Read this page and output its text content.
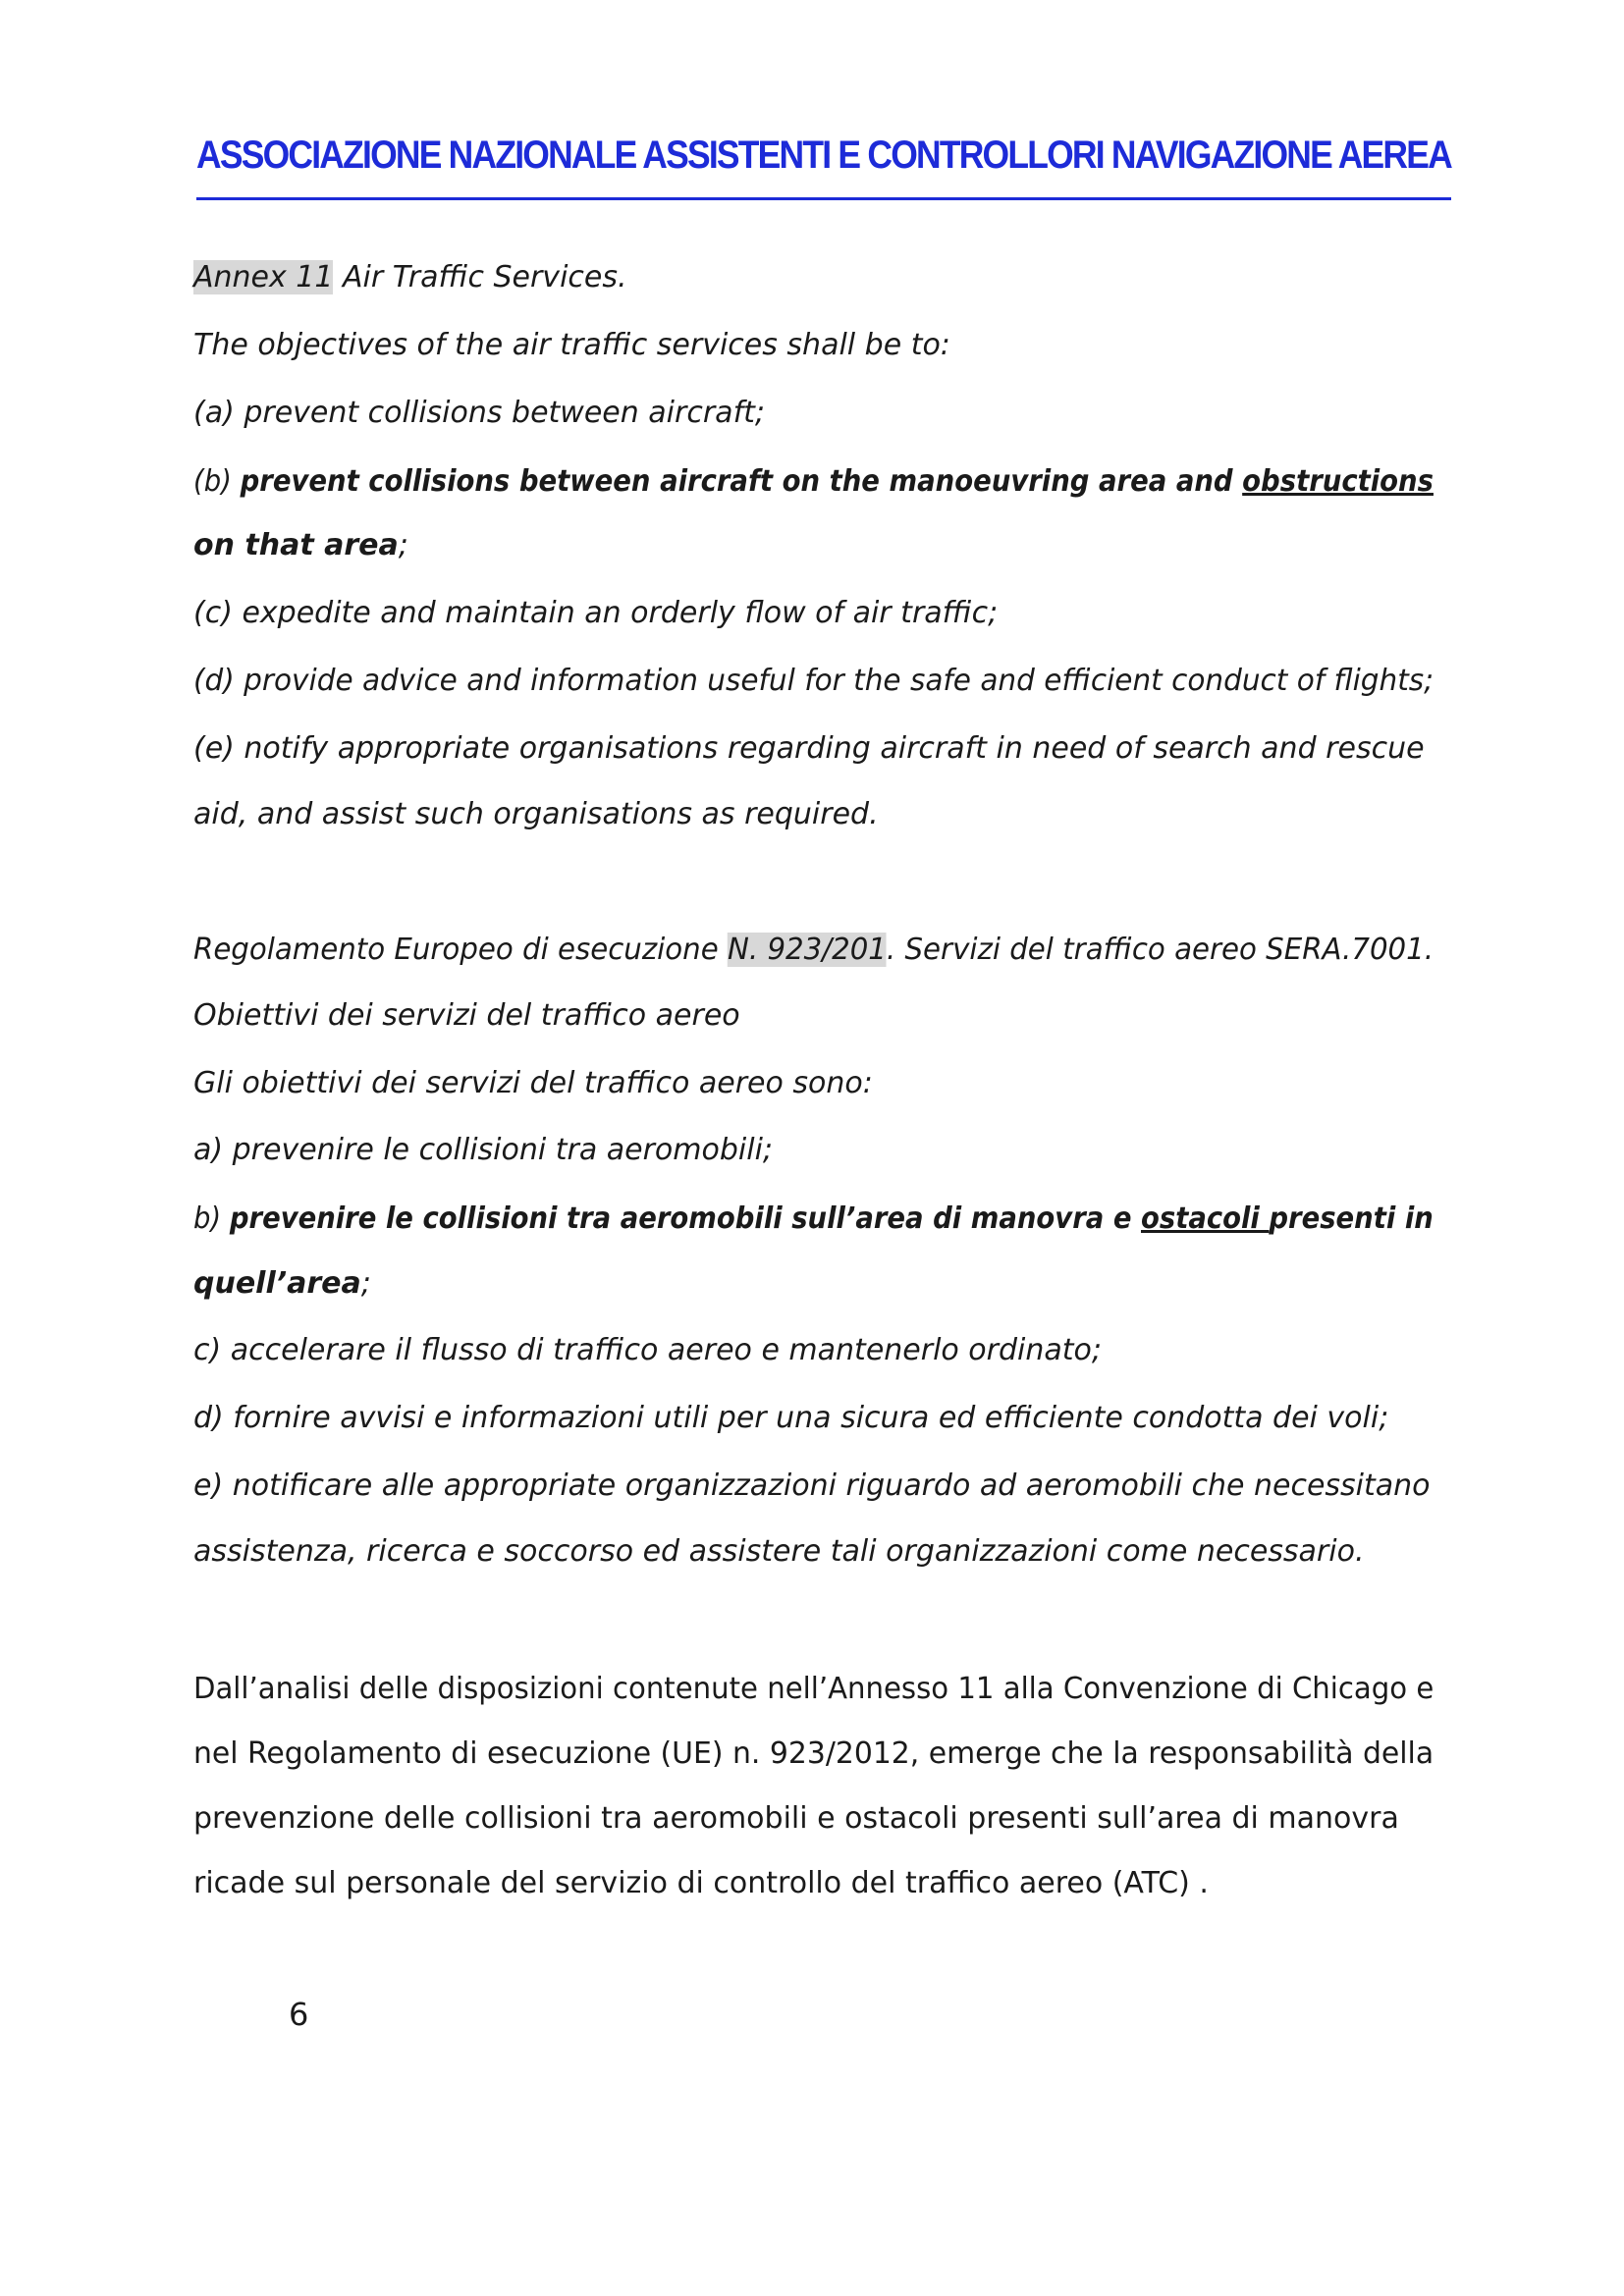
ASSOCIAZIONE NAZIONALE ASSISTENTI E CONTROLLORI NAVIGAZIONE AEREA
Annex 11 Air Traffic Services.
The objectives of the air traffic services shall be to:
(a) prevent collisions between aircraft;
(b) prevent collisions between aircraft on the manoeuvring area and obstructions
on that area;
(c) expedite and maintain an orderly flow of air traffic;
(d) provide advice and information useful for the safe and efficient conduct of flights;
(e) notify appropriate organisations regarding aircraft in need of search and rescue
aid, and assist such organisations as required.
Regolamento Europeo di esecuzione N. 923/201. Servizi del traffico aereo SERA.7001.
Obiettivi dei servizi del traffico aereo
Gli obiettivi dei servizi del traffico aereo sono:
a) prevenire le collisioni tra aeromobili;
b) prevenire le collisioni tra aeromobili sull’area di manovra e ostacoli presenti in
quell’area;
c) accelerare il flusso di traffico aereo e mantenerlo ordinato;
d) fornire avvisi e informazioni utili per una sicura ed efficiente condotta dei voli;
e) notificare alle appropriate organizzazioni riguardo ad aeromobili che necessitano
assistenza, ricerca e soccorso ed assistere tali organizzazioni come necessario.
Dall’analisi delle disposizioni contenute nell’Annesso 11 alla Convenzione di Chicago e
nel Regolamento di esecuzione (UE) n. 923/2012, emerge che la responsabilità della
prevenzione delle collisioni tra aeromobili e ostacoli presenti sull’area di manovra
ricade sul personale del servizio di controllo del traffico aereo (ATC) .
6
